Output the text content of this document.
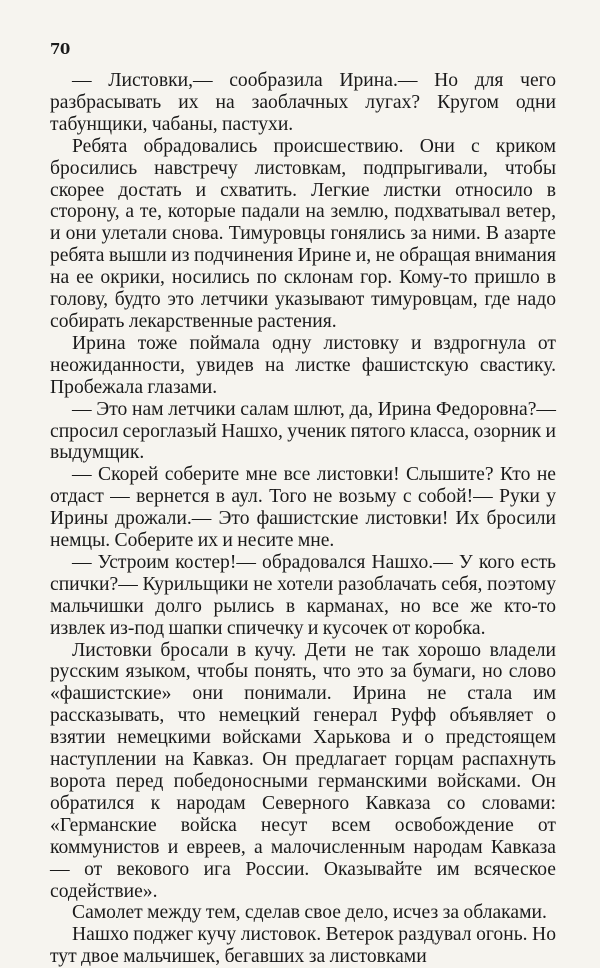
70

— Листовки,— сообразила Ирина.— Но для чего разбрасывать их на заоблачных лугах? Кругом одни табунщики, чабаны, пастухи.

Ребята обрадовались происшествию. Они с криком бросились навстречу листовкам, подпрыгивали, чтобы скорее достать и схватить. Легкие листки относило в сторону, а те, которые падали на землю, подхватывал ветер, и они улетали снова. Тимуровцы гонялись за ними. В азарте ребята вышли из подчинения Ирине и, не обращая внимания на ее окрики, носились по склонам гор. Кому-то пришло в голову, будто это летчики указывают тимуровцам, где надо собирать лекарственные растения.

Ирина тоже поймала одну листовку и вздрогнула от неожиданности, увидев на листке фашистскую свастику. Пробежала глазами.

— Это нам летчики салам шлют, да, Ирина Федоровна?— спросил сероглазый Нашхо, ученик пятого класса, озорник и выдумщик.

— Скорей соберите мне все листовки! Слышите? Кто не отдаст — вернется в аул. Того не возьму с собой!— Руки у Ирины дрожали.— Это фашистские листовки! Их бросили немцы. Соберите их и несите мне.

— Устроим костер!— обрадовался Нашхо.— У кого есть спички?— Курильщики не хотели разоблачать себя, поэтому мальчишки долго рылись в карманах, но все же кто-то извлек из-под шапки спичечку и кусочек от коробка.

Листовки бросали в кучу. Дети не так хорошо владели русским языком, чтобы понять, что это за бумаги, но слово «фашистские» они понимали. Ирина не стала им рассказывать, что немецкий генерал Руфф объявляет о взятии немецкими войсками Харькова и о предстоящем наступлении на Кавказ. Он предлагает горцам распахнуть ворота перед победоносными германскими войсками. Он обратился к народам Северного Кавказа со словами: «Германские войска несут всем освобождение от коммунистов и евреев, а малочисленным народам Кавказа — от векового ига России. Оказывайте им всяческое содействие».

Самолет между тем, сделав свое дело, исчез за облаками.

Нашхо поджег кучу листовок. Ветерок раздувал огонь. Но тут двое мальчишек, бегавших за листовками
